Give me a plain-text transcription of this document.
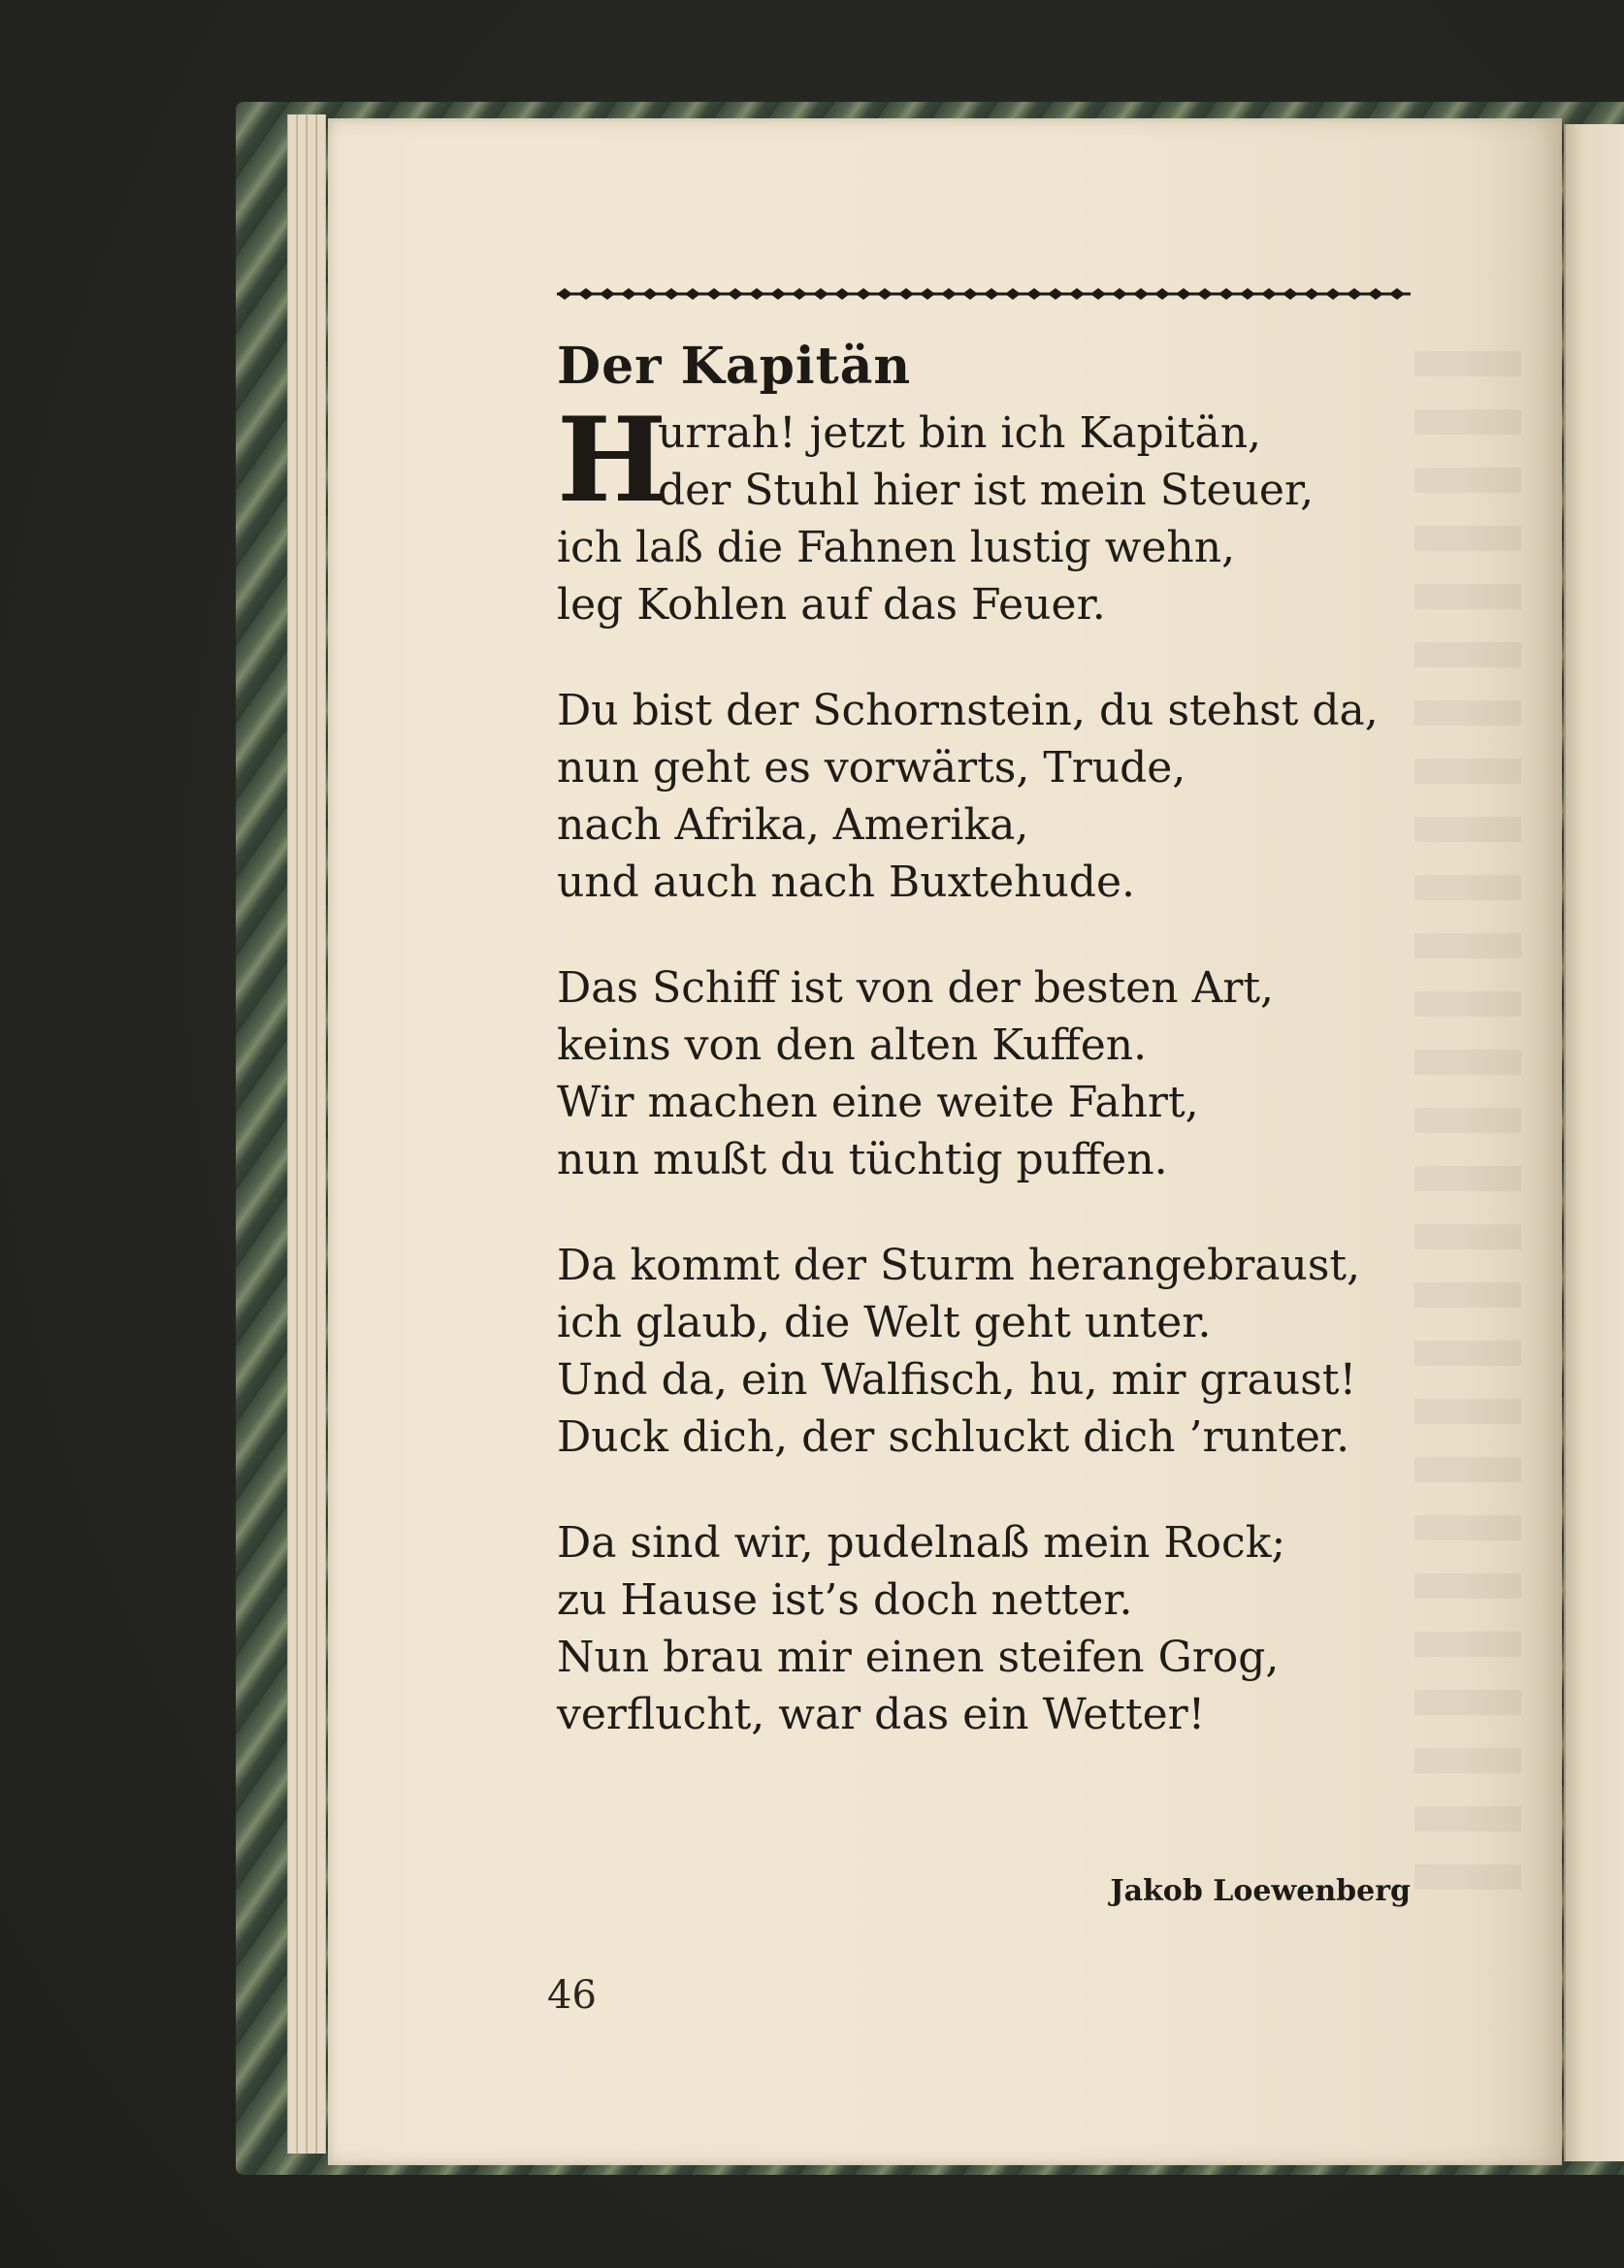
Der Kapitän
H
urrah! jetzt bin ich Kapitän,
der Stuhl hier ist mein Steuer,
ich laß die Fahnen lustig wehn,
leg Kohlen auf das Feuer.
Du bist der Schornstein, du stehst da,
nun geht es vorwärts, Trude,
nach Afrika, Amerika,
und auch nach Buxtehude.
Das Schiff ist von der besten Art,
keins von den alten Kuffen.
Wir machen eine weite Fahrt,
nun mußt du tüchtig puffen.
Da kommt der Sturm herangebraust,
ich glaub, die Welt geht unter.
Und da, ein Walfisch, hu, mir graust!
Duck dich, der schluckt dich ’runter.
Da sind wir, pudelnaß mein Rock;
zu Hause ist’s doch netter.
Nun brau mir einen steifen Grog,
verflucht, war das ein Wetter!
Jakob Loewenberg
46
